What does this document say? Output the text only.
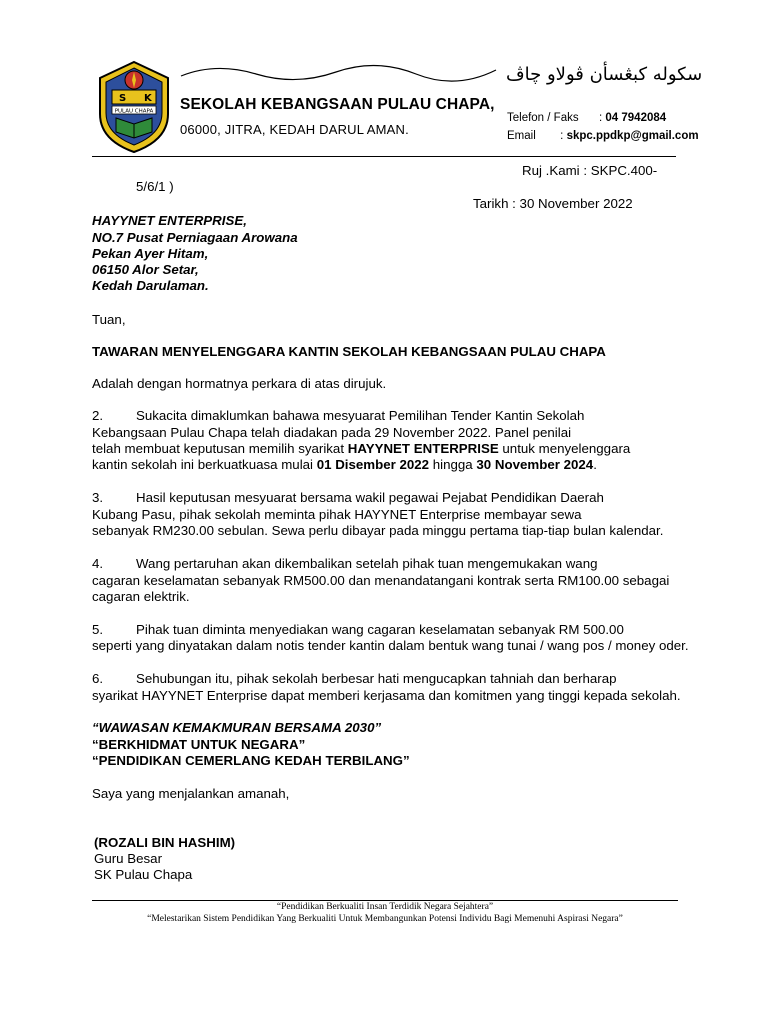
S K
PULAU CHAPA
سکوله کبڠسأن ڤولاو چاڤ
SEKOLAH KEBANGSAAN PULAU CHAPA,
06000, JITRA, KEDAH DARUL AMAN.
Telefon / Faks : 04 7942084
Email : skpc.ppdkp@gmail.com
Ruj .Kami : SKPC.400-
5/6/1 )
Tarikh : 30 November 2022
HAYYNET ENTERPRISE,
NO.7 Pusat Perniagaan Arowana
Pekan Ayer Hitam,
06150 Alor Setar,
Kedah Darulaman.
Tuan,
TAWARAN MENYELENGGARA KANTIN SEKOLAH KEBANGSAAN PULAU CHAPA
Adalah dengan hormatnya perkara di atas dirujuk.
2. Sukacita dimaklumkan bahawa mesyuarat Pemilihan Tender Kantin Sekolah
Kebangsaan Pulau Chapa telah diadakan pada 29 November 2022. Panel penilai
telah membuat keputusan memilih syarikat HAYYNET ENTERPRISE untuk menyelenggara
kantin sekolah ini berkuatkuasa mulai 01 Disember 2022 hingga 30 November 2024.
3. Hasil keputusan mesyuarat bersama wakil pegawai Pejabat Pendidikan Daerah
Kubang Pasu, pihak sekolah meminta pihak HAYYNET Enterprise membayar sewa
sebanyak RM230.00 sebulan. Sewa perlu dibayar pada minggu pertama tiap-tiap bulan kalendar.
4. Wang pertaruhan akan dikembalikan setelah pihak tuan mengemukakan wang
cagaran keselamatan sebanyak RM500.00 dan menandatangani kontrak serta RM100.00 sebagai
cagaran elektrik.
5. Pihak tuan diminta menyediakan wang cagaran keselamatan sebanyak RM 500.00
seperti yang dinyatakan dalam notis tender kantin dalam bentuk wang tunai / wang pos / money oder.
6. Sehubungan itu, pihak sekolah berbesar hati mengucapkan tahniah dan berharap
syarikat HAYYNET Enterprise dapat memberi kerjasama dan komitmen yang tinggi kepada sekolah.
“WAWASAN KEMAKMURAN BERSAMA 2030”
“BERKHIDMAT UNTUK NEGARA”
“PENDIDIKAN CEMERLANG KEDAH TERBILANG”
Saya yang menjalankan amanah,
(ROZALI BIN HASHIM)
Guru Besar
SK Pulau Chapa
“Pendidikan Berkualiti Insan Terdidik Negara Sejahtera”
“Melestarikan Sistem Pendidikan Yang Berkualiti Untuk Membangunkan Potensi Individu Bagi Memenuhi Aspirasi Negara”
